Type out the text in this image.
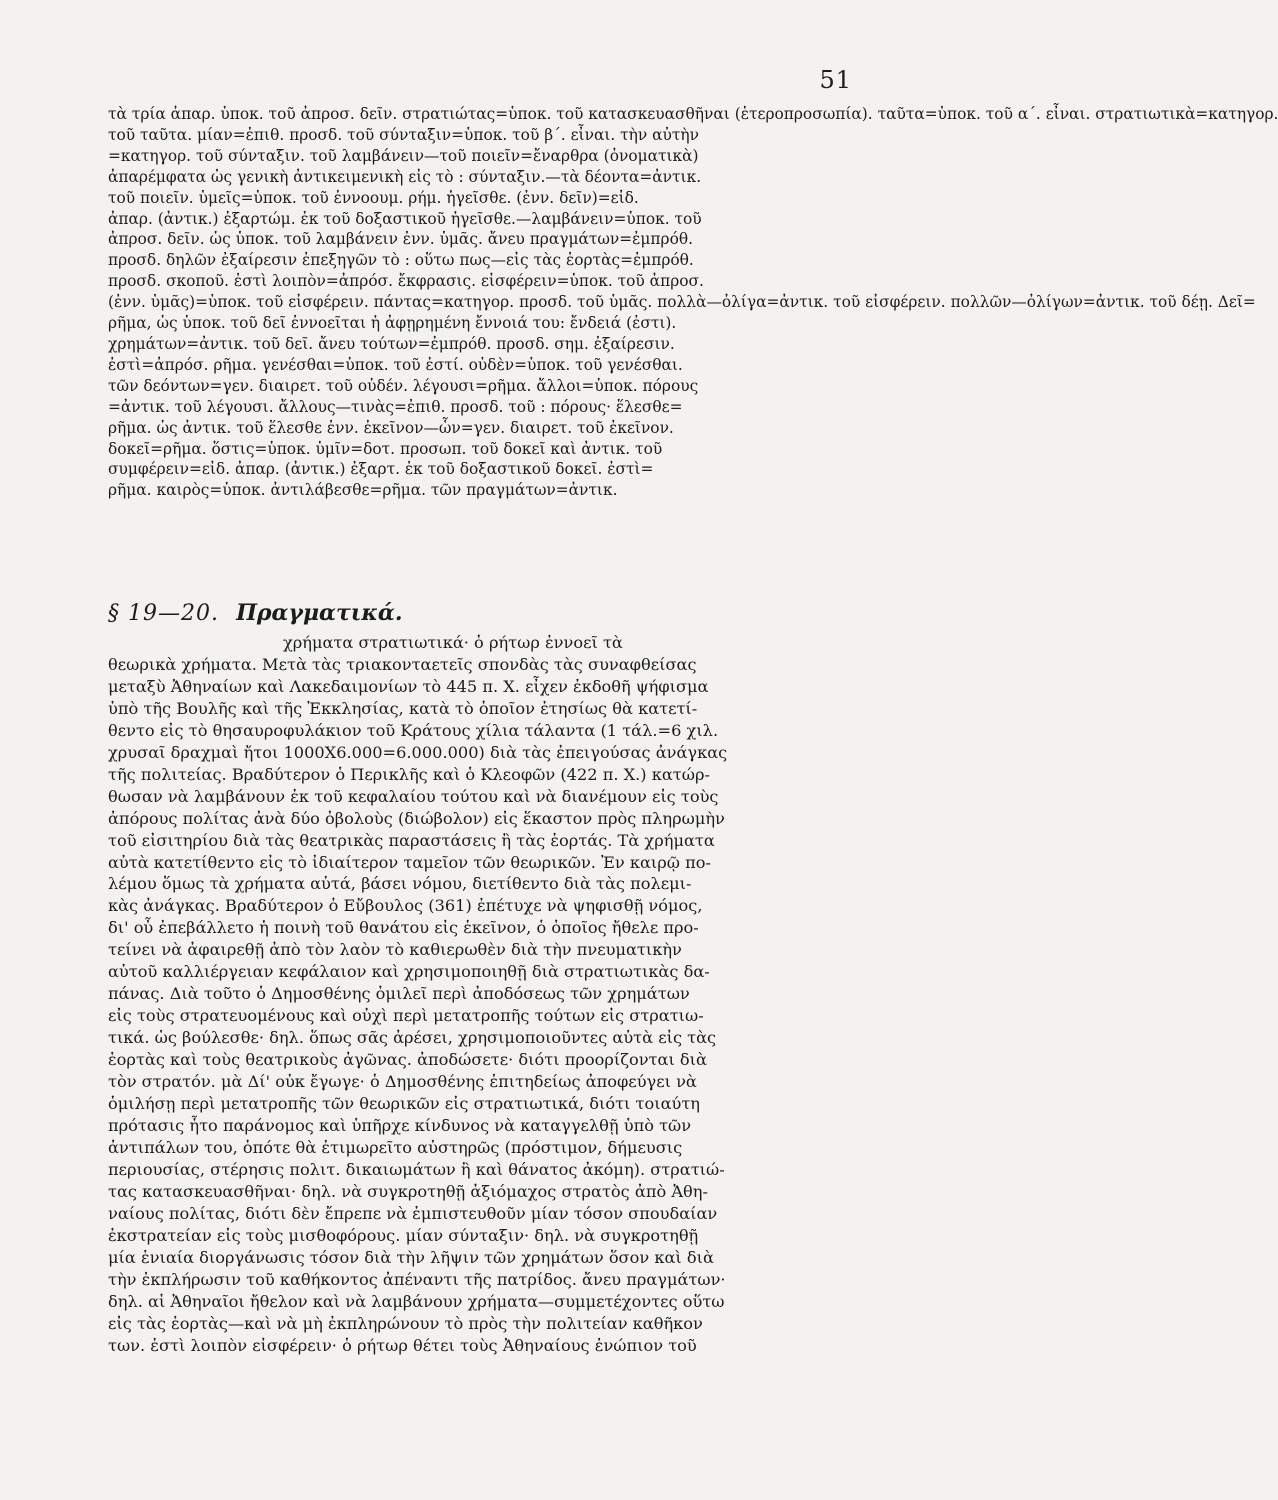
51
τὰ τρία ἀπαρ. ὑποκ. τοῦ ἀπροσ. δεῖν. στρατιώτας=ὑποκ. τοῦ κατασκευασθῆναι (ἑτεροπροσωπία). ταῦτα=ὑποκ. τοῦ α΄. εἶναι. στρατιωτικὰ=κατηγορ.
τοῦ ταῦτα. μίαν=ἐπιθ. προσδ. τοῦ σύνταξιν=ὑποκ. τοῦ β΄. εἶναι. τὴν αὐτὴν
=κατηγορ. τοῦ σύνταξιν. τοῦ λαμβάνειν—τοῦ ποιεῖν=ἔναρθρα (ὀνοματικὰ)
ἀπαρέμφατα ὡς γενικὴ ἀντικειμενικὴ εἰς τὸ : σύνταξιν.—τὰ δέοντα=ἀντικ.
τοῦ ποιεῖν. ὑμεῖς=ὑποκ. τοῦ ἐννοουμ. ρήμ. ἡγεῖσθε. (ἐνν. δεῖν)=εἰδ.
ἀπαρ. (ἀντικ.) ἐξαρτώμ. ἐκ τοῦ δοξαστικοῦ ἡγεῖσθε.—λαμβάνειν=ὑποκ. τοῦ
ἀπροσ. δεῖν. ὡς ὑποκ. τοῦ λαμβάνειν ἐνν. ὑμᾶς. ἄνευ πραγμάτων=ἐμπρόθ.
προσδ. δηλῶν ἐξαίρεσιν ἐπεξηγῶν τὸ : οὕτω πως—εἰς τὰς ἑορτὰς=ἐμπρόθ.
προσδ. σκοποῦ. ἐστὶ λοιπὸν=ἀπρόσ. ἔκφρασις. εἰσφέρειν=ὑποκ. τοῦ ἀπροσ.
(ἐνν. ὑμᾶς)=ὑποκ. τοῦ εἰσφέρειν. πάντας=κατηγορ. προσδ. τοῦ ὑμᾶς. πολλὰ—ὀλίγα=ἀντικ. τοῦ εἰσφέρειν. πολλῶν—ὀλίγων=ἀντικ. τοῦ δέῃ. Δεῖ=
ρῆμα, ὡς ὑποκ. τοῦ δεῖ ἐννοεῖται ἡ ἀφῃρημένη ἔννοιά του: ἔνδειά (ἐστι).
χρημάτων=ἀντικ. τοῦ δεῖ. ἄνευ τούτων=ἐμπρόθ. προσδ. σημ. ἐξαίρεσιν.
ἐστὶ=ἀπρόσ. ρῆμα. γενέσθαι=ὑποκ. τοῦ ἐστί. οὐδὲν=ὑποκ. τοῦ γενέσθαι.
τῶν δεόντων=γεν. διαιρετ. τοῦ οὐδέν. λέγουσι=ρῆμα. ἄλλοι=ὑποκ. πόρους
=ἀντικ. τοῦ λέγουσι. ἄλλους—τινὰς=ἐπιθ. προσδ. τοῦ : πόρους· ἕλεσθε=
ρῆμα. ὡς ἀντικ. τοῦ ἕλεσθε ἐνν. ἐκεῖνον—ὧν=γεν. διαιρετ. τοῦ ἐκεῖνον.
δοκεῖ=ρῆμα. ὅστις=ὑποκ. ὑμῖν=δοτ. προσωπ. τοῦ δοκεῖ καὶ ἀντικ. τοῦ
συμφέρειν=εἰδ. ἀπαρ. (ἀντικ.) ἐξαρτ. ἐκ τοῦ δοξαστικοῦ δοκεῖ. ἐστὶ=
ρῆμα. καιρὸς=ὑποκ. ἀντιλάβεσθε=ρῆμα. τῶν πραγμάτων=ἀντικ.
§ 19—20. Πραγματικά.
χρήματα στρατιωτικά· ὁ ρήτωρ ἐννοεῖ τὰ
θεωρικὰ χρήματα. Μετὰ τὰς τριακονταετεῖς σπονδὰς τὰς συναφθείσας
μεταξὺ Ἀθηναίων καὶ Λακεδαιμονίων τὸ 445 π. Χ. εἶχεν ἐκδοθῆ ψήφισμα
ὑπὸ τῆς Βουλῆς καὶ τῆς Ἐκκλησίας, κατὰ τὸ ὁποῖον ἐτησίως θὰ κατετί-
θεντο εἰς τὸ θησαυροφυλάκιον τοῦ Κράτους χίλια τάλαντα (1 τάλ.=6 χιλ.
χρυσαῖ δραχμαὶ ἤτοι 1000Χ6.000=6.000.000) διὰ τὰς ἐπειγούσας ἀνάγκας
τῆς πολιτείας. Βραδύτερον ὁ Περικλῆς καὶ ὁ Κλεοφῶν (422 π. Χ.) κατώρ-
θωσαν νὰ λαμβάνουν ἐκ τοῦ κεφαλαίου τούτου καὶ νὰ διανέμουν εἰς τοὺς
ἀπόρους πολίτας ἀνὰ δύο ὀβολοὺς (διώβολον) εἰς ἕκαστον πρὸς πληρωμὴν
τοῦ εἰσιτηρίου διὰ τὰς θεατρικὰς παραστάσεις ἢ τὰς ἑορτάς. Τὰ χρήματα
αὐτὰ κατετίθεντο εἰς τὸ ἰδιαίτερον ταμεῖον τῶν θεωρικῶν. Ἐν καιρῷ πο-
λέμου ὅμως τὰ χρήματα αὐτά, βάσει νόμου, διετίθεντο διὰ τὰς πολεμι-
κὰς ἀνάγκας. Βραδύτερον ὁ Εὔβουλος (361) ἐπέτυχε νὰ ψηφισθῇ νόμος,
δι' οὗ ἐπεβάλλετο ἡ ποινὴ τοῦ θανάτου εἰς ἐκεῖνον, ὁ ὁποῖος ἤθελε προ-
τείνει νὰ ἀφαιρεθῇ ἀπὸ τὸν λαὸν τὸ καθιερωθὲν διὰ τὴν πνευματικὴν
αὐτοῦ καλλιέργειαν κεφάλαιον καὶ χρησιμοποιηθῇ διὰ στρατιωτικὰς δα-
πάνας. Διὰ τοῦτο ὁ Δημοσθένης ὁμιλεῖ περὶ ἀποδόσεως τῶν χρημάτων
εἰς τοὺς στρατευομένους καὶ οὐχὶ περὶ μετατροπῆς τούτων εἰς στρατιω-
τικά. ὡς βούλεσθε· δηλ. ὅπως σᾶς ἀρέσει, χρησιμοποιοῦντες αὐτὰ εἰς τὰς
ἑορτὰς καὶ τοὺς θεατρικοὺς ἀγῶνας. ἀποδώσετε· διότι προορίζονται διὰ
τὸν στρατόν. μὰ Δί' οὐκ ἔγωγε· ὁ Δημοσθένης ἐπιτηδείως ἀποφεύγει νὰ
ὁμιλήσῃ περὶ μετατροπῆς τῶν θεωρικῶν εἰς στρατιωτικά, διότι τοιαύτη
πρότασις ἦτο παράνομος καὶ ὑπῆρχε κίνδυνος νὰ καταγγελθῇ ὑπὸ τῶν
ἀντιπάλων του, ὁπότε θὰ ἐτιμωρεῖτο αὐστηρῶς (πρόστιμον, δήμευσις
περιουσίας, στέρησις πολιτ. δικαιωμάτων ἢ καὶ θάνατος ἀκόμη). στρατιώ-
τας κατασκευασθῆναι· δηλ. νὰ συγκροτηθῇ ἀξιόμαχος στρατὸς ἀπὸ Ἀθη-
ναίους πολίτας, διότι δὲν ἔπρεπε νὰ ἐμπιστευθοῦν μίαν τόσον σπουδαίαν
ἐκστρατείαν εἰς τοὺς μισθοφόρους. μίαν σύνταξιν· δηλ. νὰ συγκροτηθῇ
μία ἑνιαία διοργάνωσις τόσον διὰ τὴν λῆψιν τῶν χρημάτων ὅσον καὶ διὰ
τὴν ἐκπλήρωσιν τοῦ καθήκοντος ἀπέναντι τῆς πατρίδος. ἄνευ πραγμάτων·
δηλ. αἱ Ἀθηναῖοι ἤθελον καὶ νὰ λαμβάνουν χρήματα—συμμετέχοντες οὕτω
εἰς τὰς ἑορτὰς—καὶ νὰ μὴ ἐκπληρώνουν τὸ πρὸς τὴν πολιτείαν καθῆκον
των. ἐστὶ λοιπὸν εἰσφέρειν· ὁ ρήτωρ θέτει τοὺς Ἀθηναίους ἐνώπιον τοῦ
